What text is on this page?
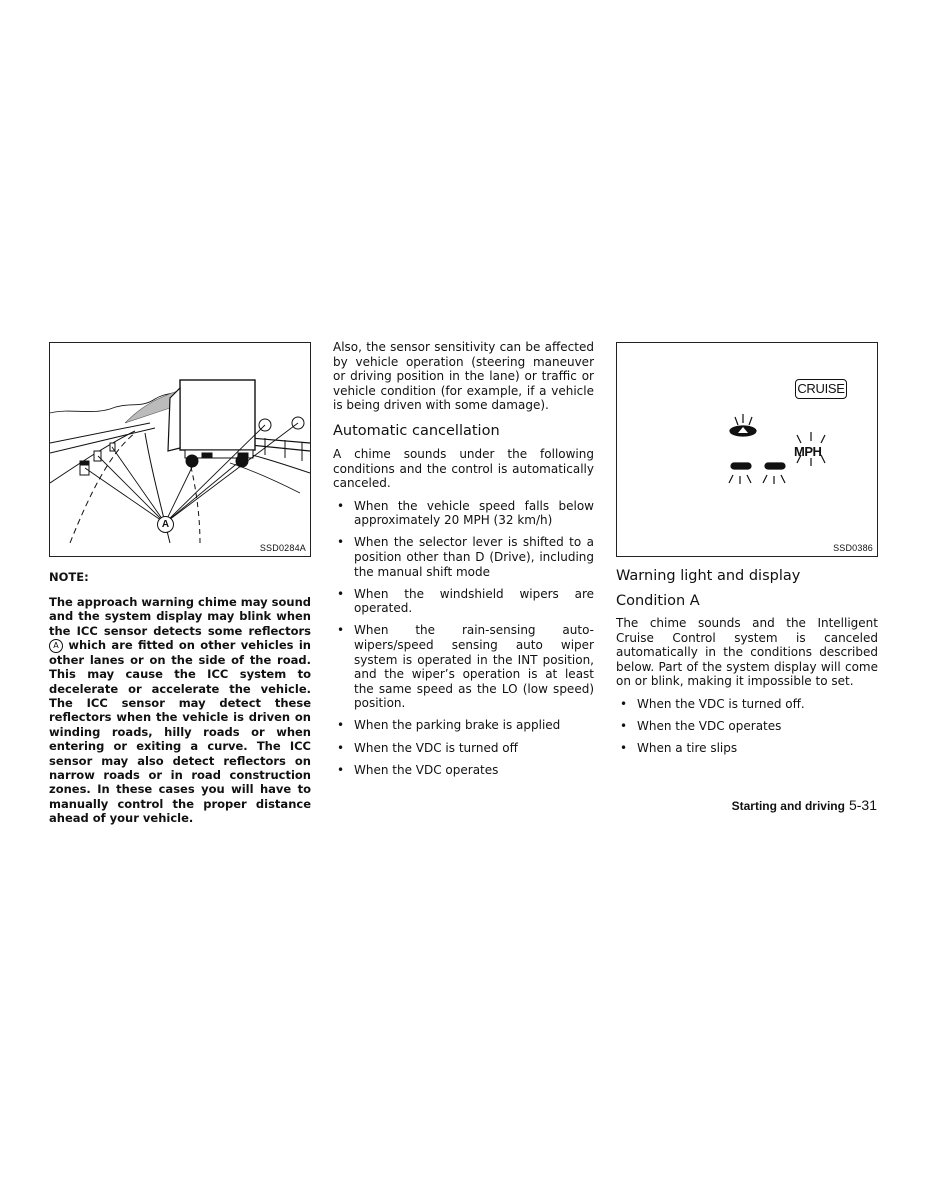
A
SSD0284A

NOTE:

The approach warning chime may sound and the system display may blink when the ICC sensor detects some reflectors A which are fitted on other vehicles in other lanes or on the side of the road. This may cause the ICC system to decelerate or accelerate the vehicle. The ICC sensor may detect these reflectors when the vehicle is driven on winding roads, hilly roads or when entering or exiting a curve. The ICC sensor may also detect reflectors on narrow roads or in road construction zones. In these cases you will have to manually control the proper distance ahead of your vehicle.

Also, the sensor sensitivity can be affected by vehicle operation (steering maneuver or driving position in the lane) or traffic or vehicle condition (for example, if a vehicle is being driven with some damage).

Automatic cancellation

A chime sounds under the following conditions and the control is automatically canceled.

• When the vehicle speed falls below approximately 20 MPH (32 km/h)
• When the selector lever is shifted to a position other than D (Drive), including the manual shift mode
• When the windshield wipers are operated.
• When the rain-sensing auto-wipers/speed sensing auto wiper system is operated in the INT position, and the wiper’s operation is at least the same speed as the LO (low speed) position.
• When the parking brake is applied
• When the VDC is turned off
• When the VDC operates
CRUISE
MPH
SSD0386
Warning light and display
Condition A

The chime sounds and the Intelligent Cruise Control system is canceled automatically in the conditions described below. Part of the system display will come on or blink, making it impossible to set.

• When the VDC is turned off.
• When the VDC operates
• When a tire slips
Starting and driving 5-31
